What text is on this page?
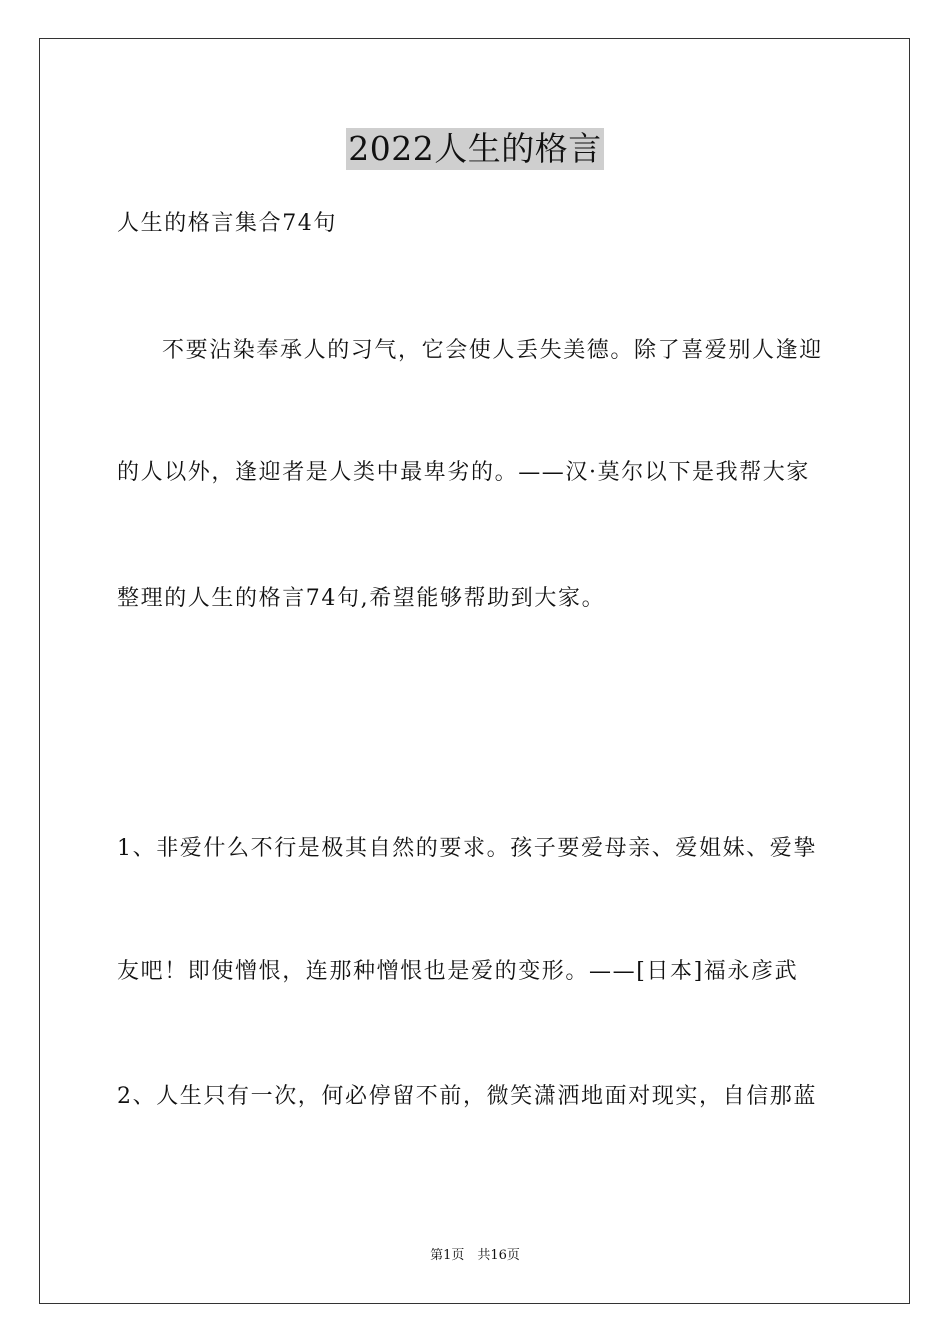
2022人生的格言
人生的格言集合74句
不要沾染奉承人的习气，它会使人丢失美德。除了喜爱别人逢迎
的人以外，逢迎者是人类中最卑劣的。——汉·莫尔以下是我帮大家
整理的人生的格言74句,希望能够帮助到大家。
1、非爱什么不行是极其自然的要求。孩子要爱母亲、爱姐妹、爱挚
友吧！即使憎恨，连那种憎恨也是爱的变形。——[日本]福永彦武
2、人生只有一次，何必停留不前，微笑潇洒地面对现实，自信那蓝
第1页　共16页
